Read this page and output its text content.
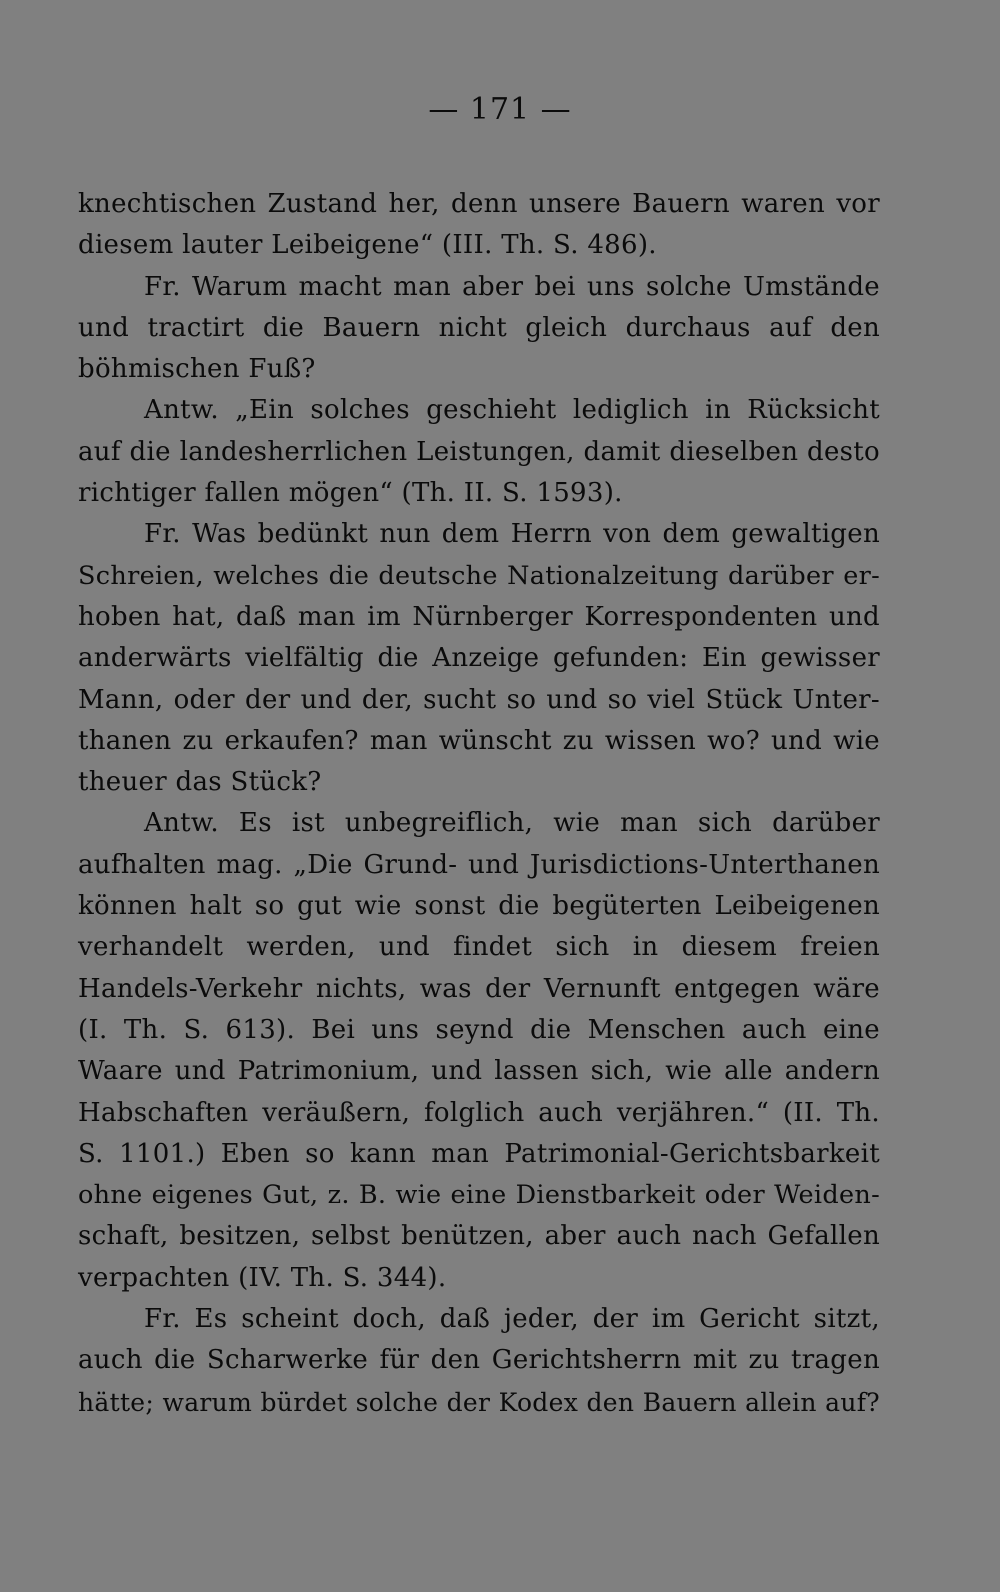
— 171 —
knechtischen Zustand her, denn unsere Bauern waren vor
diesem lauter Leibeigene“ (III. Th. S. 486).
Fr. Warum macht man aber bei uns solche Umstände
und tractirt die Bauern nicht gleich durchaus auf den
böhmischen Fuß?
Antw. „Ein solches geschieht lediglich in Rücksicht
auf die landesherrlichen Leistungen, damit dieselben desto
richtiger fallen mögen“ (Th. II. S. 1593).
Fr. Was bedünkt nun dem Herrn von dem gewaltigen
Schreien, welches die deutsche Nationalzeitung darüber er-
hoben hat, daß man im Nürnberger Korrespondenten und
anderwärts vielfältig die Anzeige gefunden: Ein gewisser
Mann, oder der und der, sucht so und so viel Stück Unter-
thanen zu erkaufen? man wünscht zu wissen wo? und wie
theuer das Stück?
Antw. Es ist unbegreiflich, wie man sich darüber
aufhalten mag. „Die Grund- und Jurisdictions-Unterthanen
können halt so gut wie sonst die begüterten Leibeigenen
verhandelt werden, und findet sich in diesem freien
Handels-Verkehr nichts, was der Vernunft entgegen wäre
(I. Th. S. 613). Bei uns seynd die Menschen auch eine
Waare und Patrimonium, und lassen sich, wie alle andern
Habschaften veräußern, folglich auch verjähren.“ (II. Th.
S. 1101.) Eben so kann man Patrimonial-Gerichtsbarkeit
ohne eigenes Gut, z. B. wie eine Dienstbarkeit oder Weiden-
schaft, besitzen, selbst benützen, aber auch nach Gefallen
verpachten (IV. Th. S. 344).
Fr. Es scheint doch, daß jeder, der im Gericht sitzt,
auch die Scharwerke für den Gerichtsherrn mit zu tragen
hätte; warum bürdet solche der Kodex den Bauern allein auf?
